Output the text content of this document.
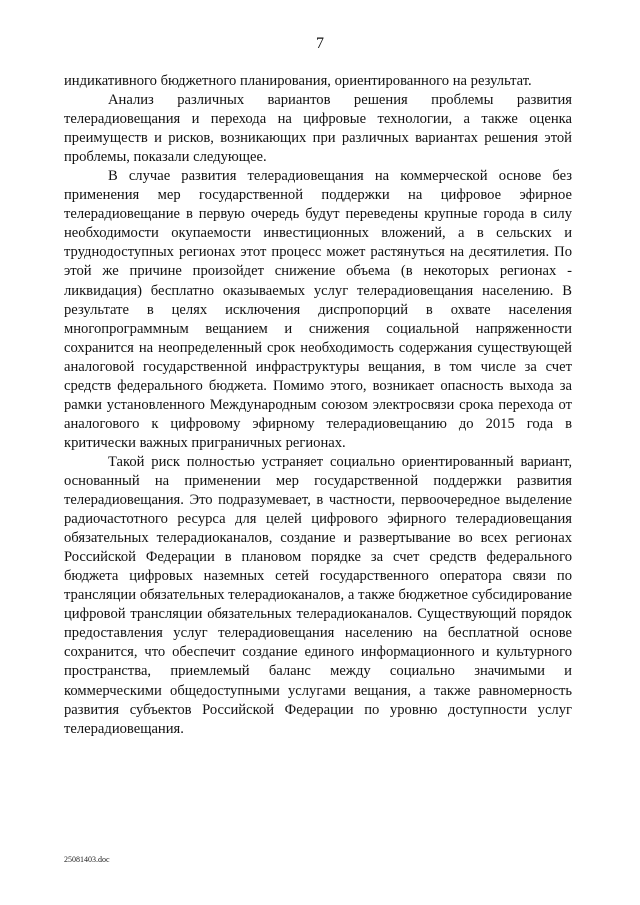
7

индикативного бюджетного планирования, ориентированного на результат.

Анализ различных вариантов решения проблемы развития телерадиовещания и перехода на цифровые технологии, а также оценка преимуществ и рисков, возникающих при различных вариантах решения этой проблемы, показали следующее.

В случае развития телерадиовещания на коммерческой основе без применения мер государственной поддержки на цифровое эфирное телерадиовещание в первую очередь будут переведены крупные города в силу необходимости окупаемости инвестиционных вложений, а в сельских и труднодоступных регионах этот процесс может растянуться на десятилетия. По этой же причине произойдет снижение объема (в некоторых регионах - ликвидация) бесплатно оказываемых услуг телерадиовещания населению. В результате в целях исключения диспропорций в охвате населения многопрограммным вещанием и снижения социальной напряженности сохранится на неопределенный срок необходимость содержания существующей аналоговой государственной инфраструктуры вещания, в том числе за счет средств федерального бюджета. Помимо этого, возникает опасность выхода за рамки установленного Международным союзом электросвязи срока перехода от аналогового к цифровому эфирному телерадиовещанию до 2015 года в критически важных приграничных регионах.

Такой риск полностью устраняет социально ориентированный вариант, основанный на применении мер государственной поддержки развития телерадиовещания. Это подразумевает, в частности, первоочередное выделение радиочастотного ресурса для целей цифрового эфирного телерадиовещания обязательных телерадиоканалов, создание и развертывание во всех регионах Российской Федерации в плановом порядке за счет средств федерального бюджета цифровых наземных сетей государственного оператора связи по трансляции обязательных телерадиоканалов, а также бюджетное субсидирование цифровой трансляции обязательных телерадиоканалов. Существующий порядок предоставления услуг телерадиовещания населению на бесплатной основе сохранится, что обеспечит создание единого информационного и культурного пространства, приемлемый баланс между социально значимыми и коммерческими общедоступными услугами вещания, а также равномерность развития субъектов Российской Федерации по уровню доступности услуг телерадиовещания.

25081403.doc
